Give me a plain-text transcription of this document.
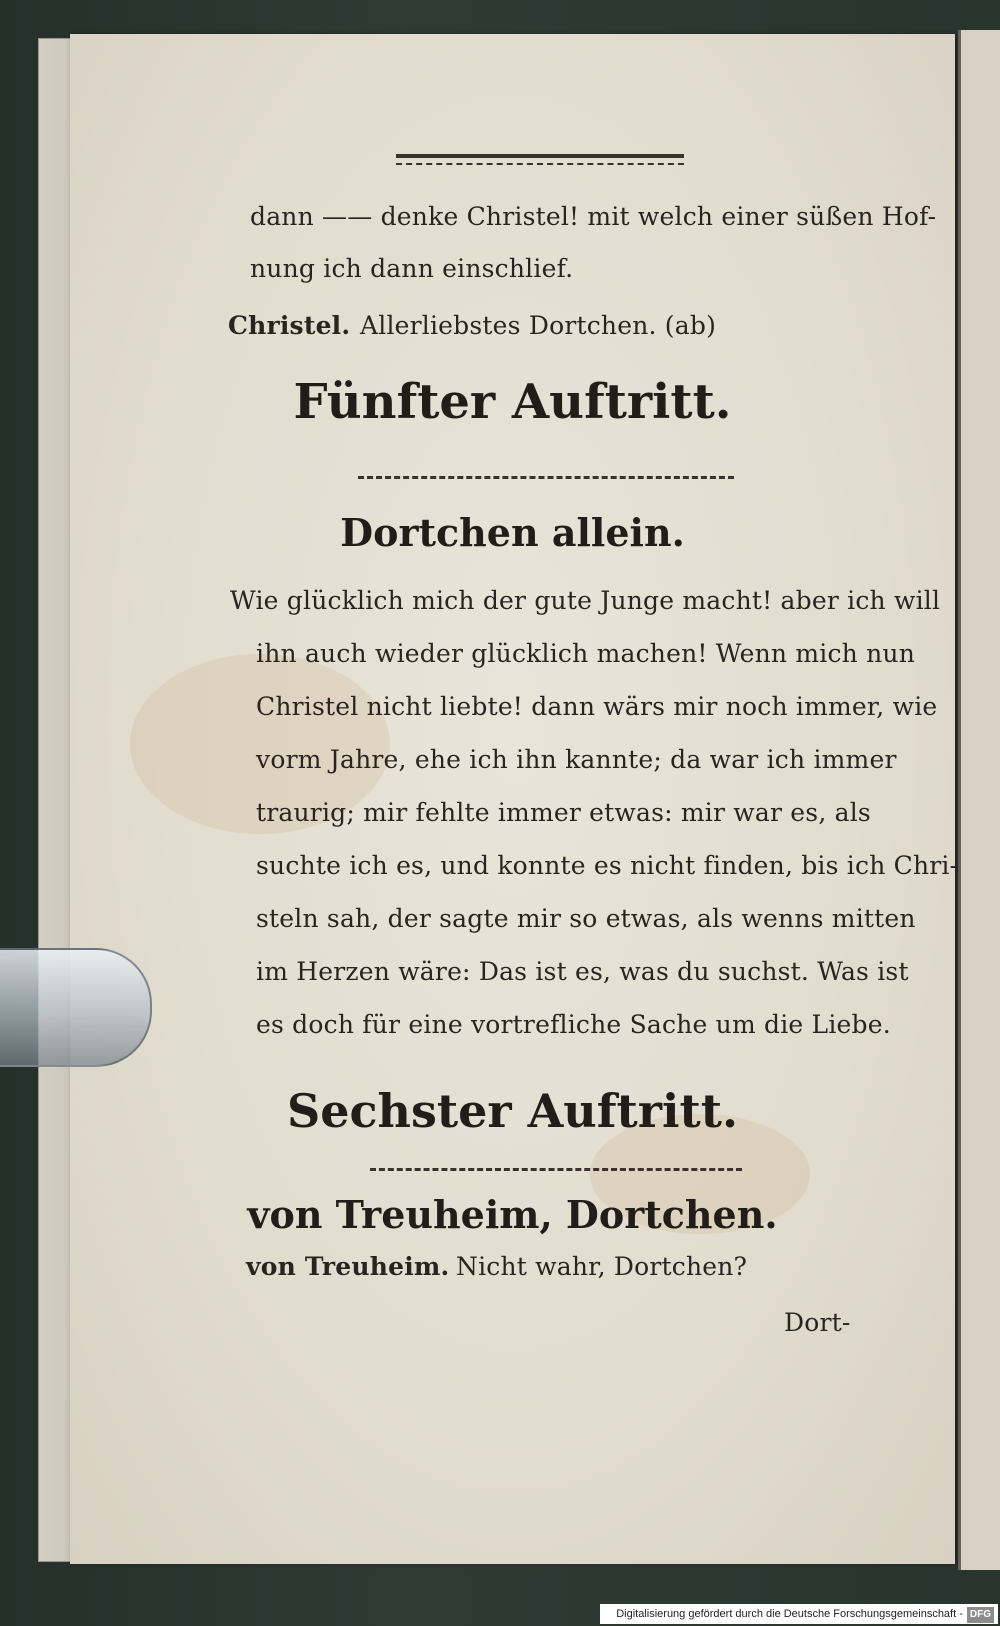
dann —— denke Christel! mit welch einer süßen Hof-
nung ich dann einschlief.
Christel. Allerliebstes Dortchen. (ab)
Fünfter Auftritt.
Dortchen allein.
Wie glücklich mich der gute Junge macht! aber ich will
ihn auch wieder glücklich machen! Wenn mich nun
Christel nicht liebte! dann wärs mir noch immer, wie
vorm Jahre, ehe ich ihn kannte; da war ich immer
traurig; mir fehlte immer etwas: mir war es, als
suchte ich es, und konnte es nicht finden, bis ich Chri-
steln sah, der sagte mir so etwas, als wenns mitten
im Herzen wäre: Das ist es, was du suchst. Was ist
es doch für eine vortrefliche Sache um die Liebe.
Sechster Auftritt.
von Treuheim, Dortchen.
von Treuheim. Nicht wahr, Dortchen?
Dort-
Digitalisierung gefördert durch die Deutsche Forschungsgemeinschaft - DFG
